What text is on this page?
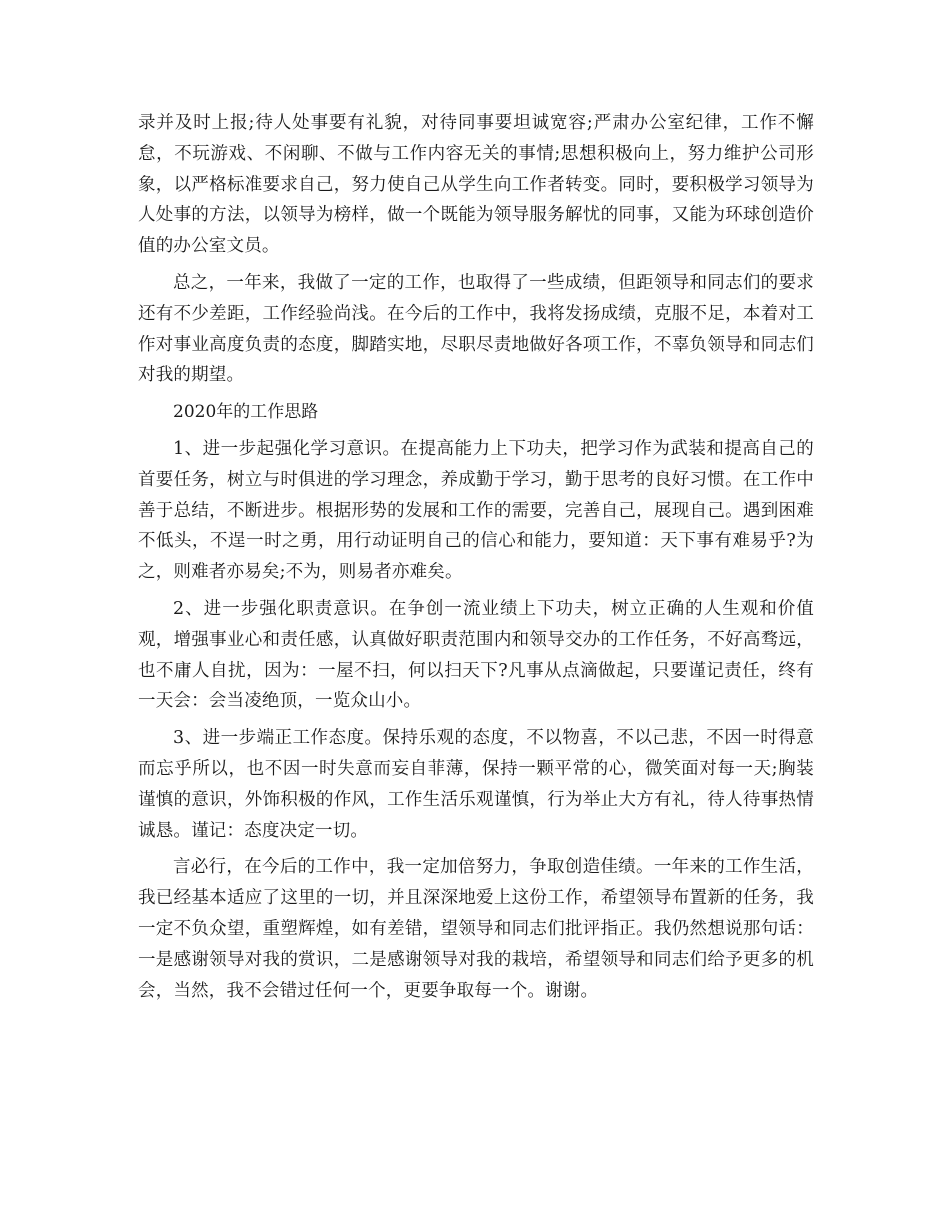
录并及时上报;待人处事要有礼貌，对待同事要坦诚宽容;严肃办公室纪律，工作不懈怠，不玩游戏、不闲聊、不做与工作内容无关的事情;思想积极向上，努力维护公司形象，以严格标准要求自己，努力使自己从学生向工作者转变。同时，要积极学习领导为人处事的方法，以领导为榜样，做一个既能为领导服务解忧的同事，又能为环球创造价值的办公室文员。

总之，一年来，我做了一定的工作，也取得了一些成绩，但距领导和同志们的要求还有不少差距，工作经验尚浅。在今后的工作中，我将发扬成绩，克服不足，本着对工作对事业高度负责的态度，脚踏实地，尽职尽责地做好各项工作，不辜负领导和同志们对我的期望。

2020年的工作思路

1、进一步起强化学习意识。在提高能力上下功夫，把学习作为武装和提高自己的首要任务，树立与时俱进的学习理念，养成勤于学习，勤于思考的良好习惯。在工作中善于总结，不断进步。根据形势的发展和工作的需要，完善自己，展现自己。遇到困难不低头，不逞一时之勇，用行动证明自己的信心和能力，要知道：天下事有难易乎?为之，则难者亦易矣;不为，则易者亦难矣。

2、进一步强化职责意识。在争创一流业绩上下功夫，树立正确的人生观和价值观，增强事业心和责任感，认真做好职责范围内和领导交办的工作任务，不好高骛远，也不庸人自扰，因为：一屋不扫，何以扫天下?凡事从点滴做起，只要谨记责任，终有一天会：会当凌绝顶，一览众山小。

3、进一步端正工作态度。保持乐观的态度，不以物喜，不以己悲，不因一时得意而忘乎所以，也不因一时失意而妄自菲薄，保持一颗平常的心，微笑面对每一天;胸装谨慎的意识，外饰积极的作风，工作生活乐观谨慎，行为举止大方有礼，待人待事热情诚恳。谨记：态度决定一切。

言必行，在今后的工作中，我一定加倍努力，争取创造佳绩。一年来的工作生活，我已经基本适应了这里的一切，并且深深地爱上这份工作，希望领导布置新的任务，我一定不负众望，重塑辉煌，如有差错，望领导和同志们批评指正。我仍然想说那句话：一是感谢领导对我的赏识，二是感谢领导对我的栽培，希望领导和同志们给予更多的机会，当然，我不会错过任何一个，更要争取每一个。谢谢。
